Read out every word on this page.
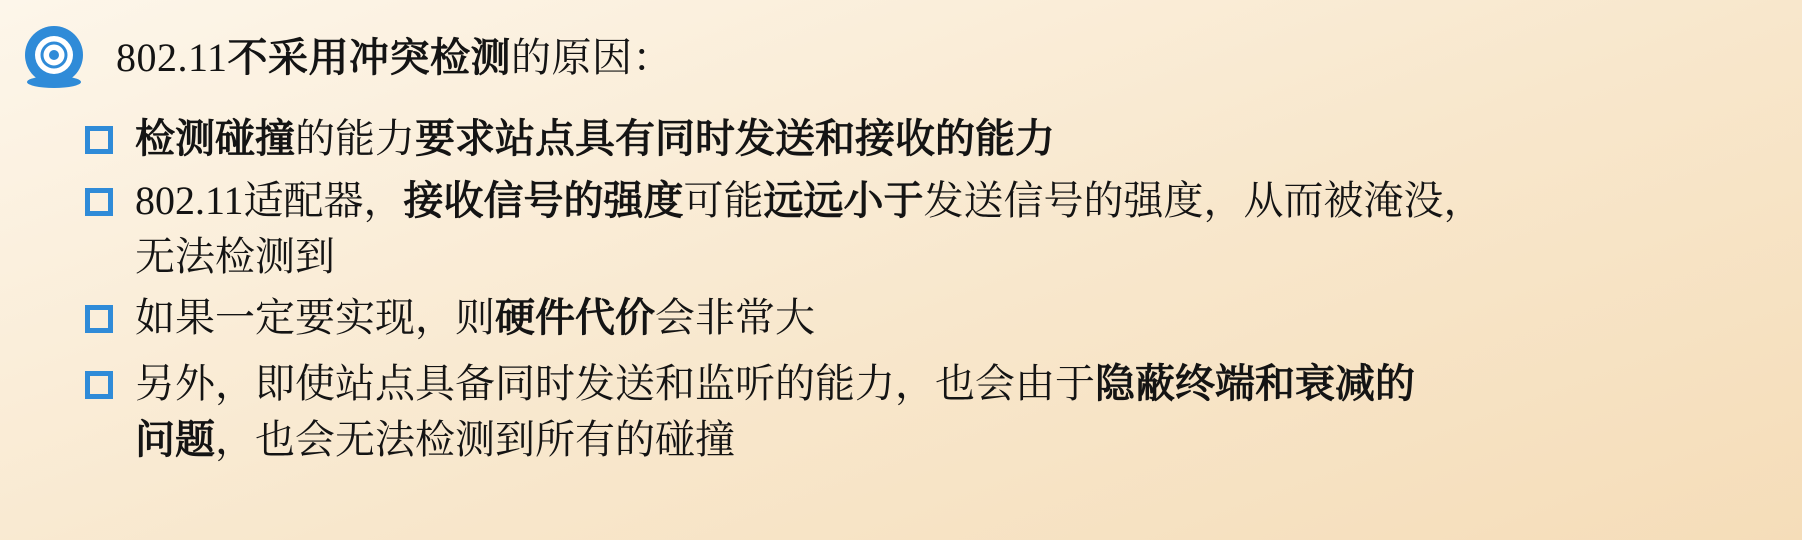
802.11不采用冲突检测的原因：
检测碰撞的能力要求站点具有同时发送和接收的能力
802.11适配器，接收信号的强度可能远远小于发送信号的强度，从而被淹没，
无法检测到
如果一定要实现，则硬件代价会非常大
另外，即使站点具备同时发送和监听的能力，也会由于隐蔽终端和衰减的
问题，也会无法检测到所有的碰撞
